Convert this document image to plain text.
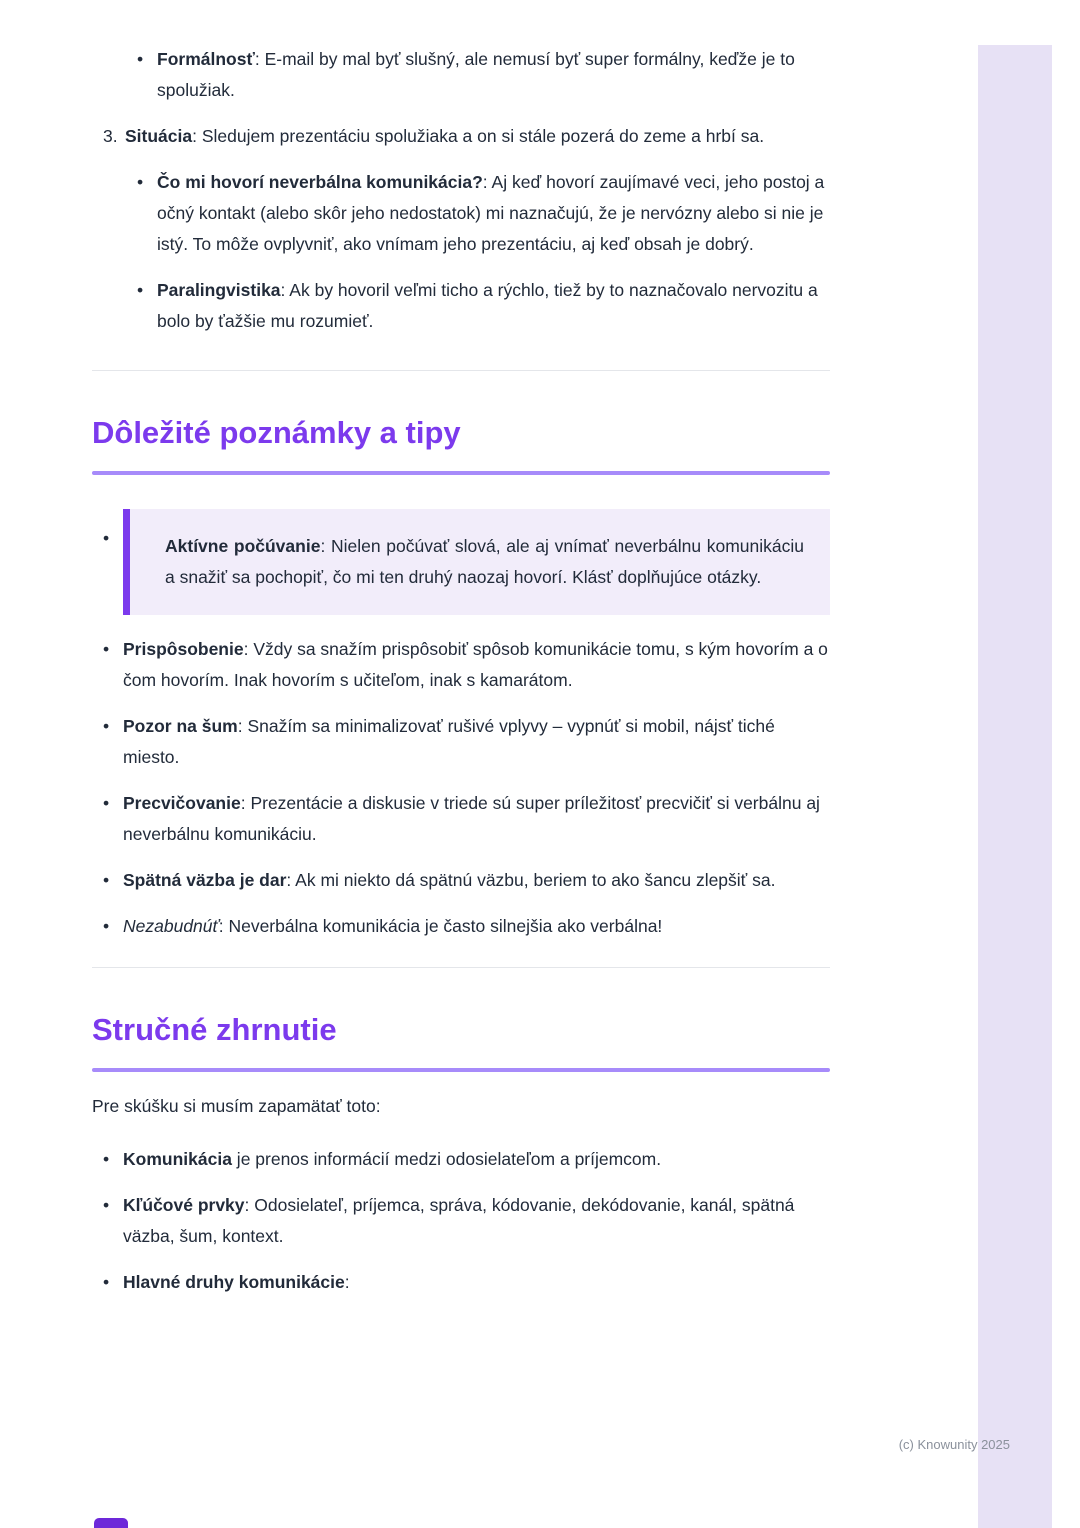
•

Formálnosť: E-mail by mal byť slušný, ale nemusí byť super formálny, keďže je to spolužiak.

3. Situácia: Sledujem prezentáciu spolužiaka a on si stále pozerá do zeme a hrbí sa.

•

Čo mi hovorí neverbálna komunikácia?: Aj keď hovorí zaujímavé veci, jeho postoj a očný kontakt (alebo skôr jeho nedostatok) mi naznačujú, že je nervózny alebo si nie je istý. To môže ovplyvniť, ako vnímam jeho prezentáciu, aj keď obsah je dobrý.

•

Paralingvistika: Ak by hovoril veľmi ticho a rýchlo, tiež by to naznačovalo nervozitu a bolo by ťažšie mu rozumieť.

Dôležité poznámky a tipy
•

Aktívne počúvanie: Nielen počúvať slová, ale aj vnímať neverbálnu komunikáciu a snažiť sa pochopiť, čo mi ten druhý naozaj hovorí. Klásť doplňujúce otázky.

•

Prispôsobenie: Vždy sa snažím prispôsobiť spôsob komunikácie tomu, s kým hovorím a o čom hovorím. Inak hovorím s učiteľom, inak s kamarátom.

•

Pozor na šum: Snažím sa minimalizovať rušivé vplyvy – vypnúť si mobil, nájsť tiché miesto.

•

Precvičovanie: Prezentácie a diskusie v triede sú super príležitosť precvičiť si verbálnu aj neverbálnu komunikáciu.

•

Spätná väzba je dar: Ak mi niekto dá spätnú väzbu, beriem to ako šancu zlepšiť sa.

•

Nezabudnúť: Neverbálna komunikácia je často silnejšia ako verbálna!

Stručné zhrnutie

Pre skúšku si musím zapamätať toto:

•

Komunikácia je prenos informácií medzi odosielateľom a príjemcom.

•

Kľúčové prvky: Odosielateľ, príjemca, správa, kódovanie, dekódovanie, kanál, spätná väzba, šum, kontext.

•

Hlavné druhy komunikácie:

(c) Knowunity 2025
